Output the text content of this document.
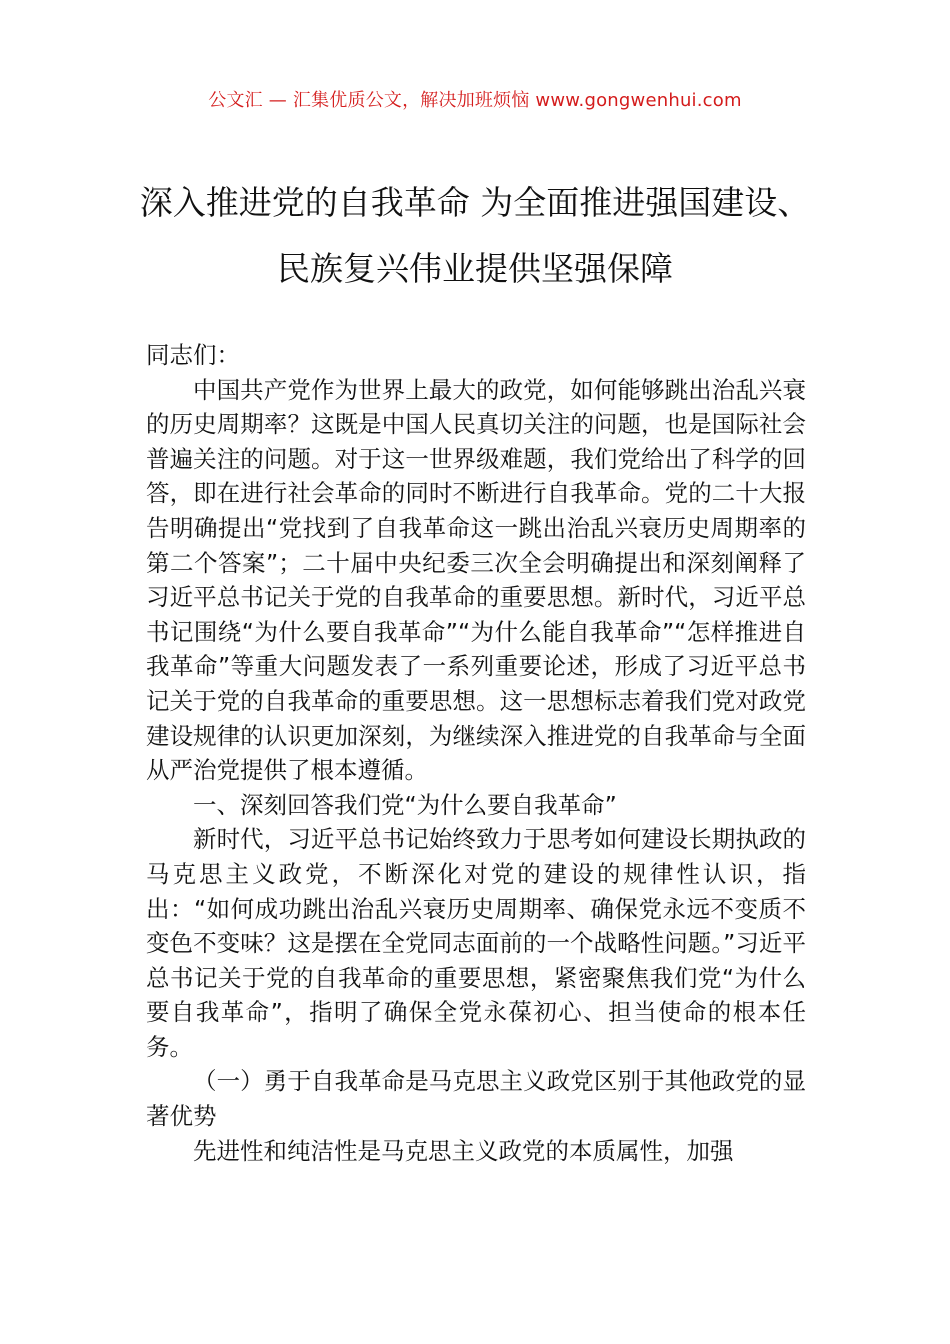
公文汇 — 汇集优质公文，解决加班烦恼 www.gongwenhui.com
深入推进党的自我革命 为全面推进强国建设、民族复兴伟业提供坚强保障

同志们：

中国共产党作为世界上最大的政党，如何能够跳出治乱兴衰的历史周期率？这既是中国人民真切关注的问题，也是国际社会普遍关注的问题。对于这一世界级难题，我们党给出了科学的回答，即在进行社会革命的同时不断进行自我革命。党的二十大报告明确提出“党找到了自我革命这一跳出治乱兴衰历史周期率的第二个答案”；二十届中央纪委三次全会明确提出和深刻阐释了习近平总书记关于党的自我革命的重要思想。新时代，习近平总书记围绕“为什么要自我革命”“为什么能自我革命”“怎样推进自我革命”等重大问题发表了一系列重要论述，形成了习近平总书记关于党的自我革命的重要思想。这一思想标志着我们党对政党建设规律的认识更加深刻，为继续深入推进党的自我革命与全面从严治党提供了根本遵循。

一、深刻回答我们党“为什么要自我革命”

新时代，习近平总书记始终致力于思考如何建设长期执政的马克思主义政党，不断深化对党的建设的规律性认识，指出：“如何成功跳出治乱兴衰历史周期率、确保党永远不变质不变色不变味？这是摆在全党同志面前的一个战略性问题。”习近平总书记关于党的自我革命的重要思想，紧密聚焦我们党“为什么要自我革命”，指明了确保全党永葆初心、担当使命的根本任务。

（一）勇于自我革命是马克思主义政党区别于其他政党的显著优势

先进性和纯洁性是马克思主义政党的本质属性，加强
